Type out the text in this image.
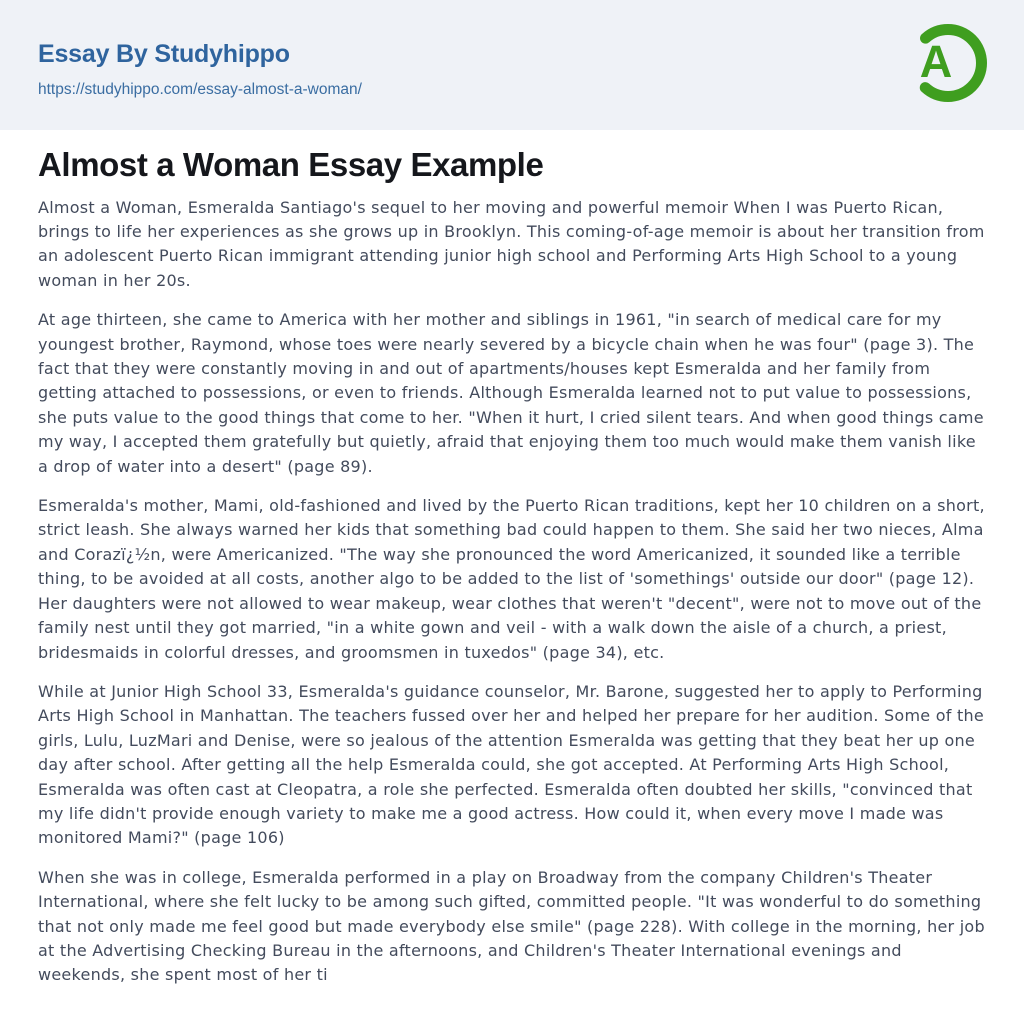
Essay By Studyhippo
https://studyhippo.com/essay-almost-a-woman/
A
Almost a Woman Essay Example

Almost a Woman, Esmeralda Santiago's sequel to her moving and powerful memoir When I was Puerto Rican, brings to life her experiences as she grows up in Brooklyn. This coming-of-age memoir is about her transition from an adolescent Puerto Rican immigrant attending junior high school and Performing Arts High School to a young woman in her 20s.

At age thirteen, she came to America with her mother and siblings in 1961, "in search of medical care for my youngest brother, Raymond, whose toes were nearly severed by a bicycle chain when he was four" (page 3). The fact that they were constantly moving in and out of apartments/houses kept Esmeralda and her family from getting attached to possessions, or even to friends. Although Esmeralda learned not to put value to possessions, she puts value to the good things that come to her. "When it hurt, I cried silent tears. And when good things came my way, I accepted them gratefully but quietly, afraid that enjoying them too much would make them vanish like a drop of water into a desert" (page 89).

Esmeralda's mother, Mami, old-fashioned and lived by the Puerto Rican traditions, kept her 10 children on a short, strict leash. She always warned her kids that something bad could happen to them. She said her two nieces, Alma and Corazï¿½n, were Americanized. "The way she pronounced the word Americanized, it sounded like a terrible thing, to be avoided at all costs, another algo to be added to the list of 'somethings' outside our door" (page 12). Her daughters were not allowed to wear makeup, wear clothes that weren't "decent", were not to move out of the family nest until they got married, "in a white gown and veil - with a walk down the aisle of a church, a priest, bridesmaids in colorful dresses, and groomsmen in tuxedos" (page 34), etc.

While at Junior High School 33, Esmeralda's guidance counselor, Mr. Barone, suggested her to apply to Performing Arts High School in Manhattan. The teachers fussed over her and helped her prepare for her audition. Some of the girls, Lulu, LuzMari and Denise, were so jealous of the attention Esmeralda was getting that they beat her up one day after school. After getting all the help Esmeralda could, she got accepted. At Performing Arts High School, Esmeralda was often cast at Cleopatra, a role she perfected. Esmeralda often doubted her skills, "convinced that my life didn't provide enough variety to make me a good actress. How could it, when every move I made was monitored Mami?" (page 106)

When she was in college, Esmeralda performed in a play on Broadway from the company Children's Theater International, where she felt lucky to be among such gifted, committed people. "It was wonderful to do something that not only made me feel good but made everybody else smile" (page 228). With college in the morning, her job at the Advertising Checking Bureau in the afternoons, and Children's Theater International evenings and weekends, she spent most of her ti
